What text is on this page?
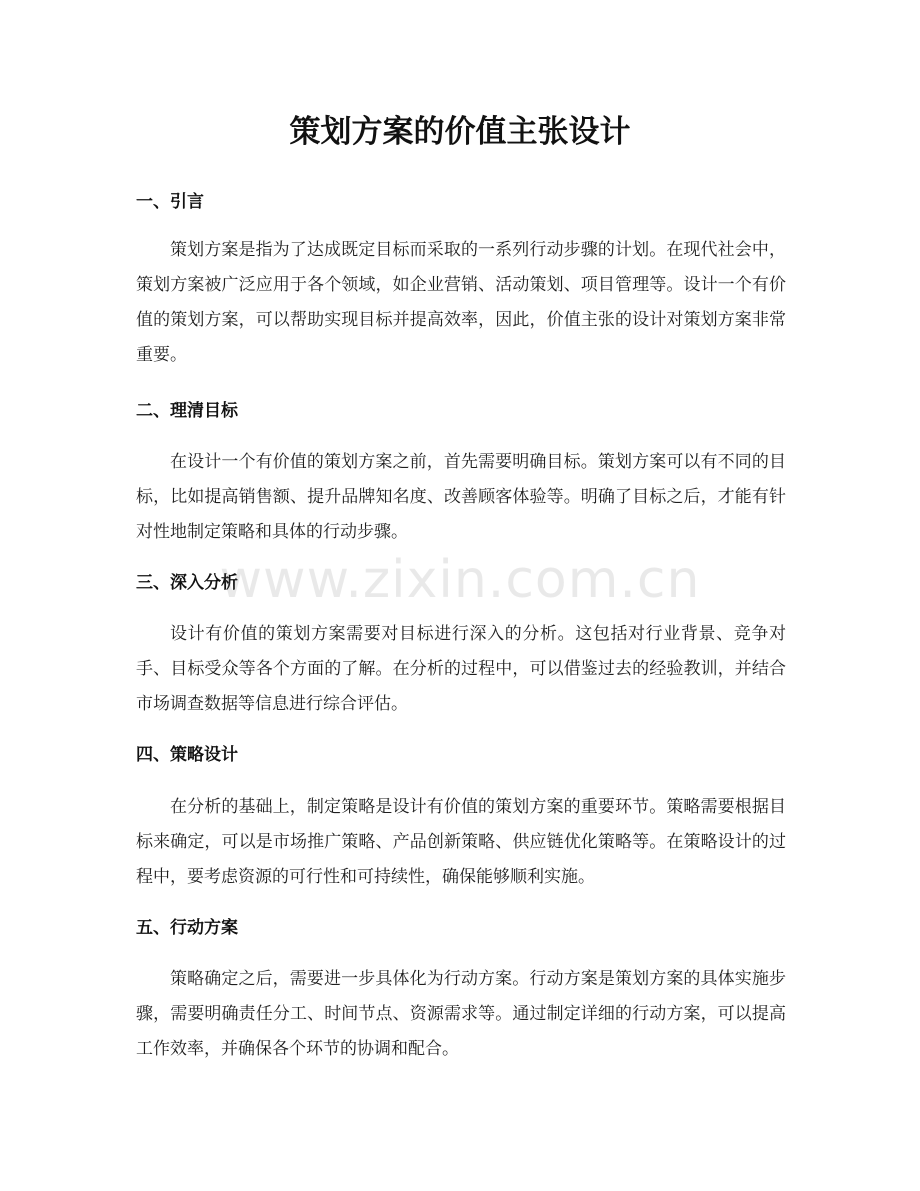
策划方案的价值主张设计
一、引言

策划方案是指为了达成既定目标而采取的一系列行动步骤的计划。在现代社会中，策划方案被广泛应用于各个领域，如企业营销、活动策划、项目管理等。设计一个有价值的策划方案，可以帮助实现目标并提高效率，因此，价值主张的设计对策划方案非常重要。

二、理清目标

在设计一个有价值的策划方案之前，首先需要明确目标。策划方案可以有不同的目标，比如提高销售额、提升品牌知名度、改善顾客体验等。明确了目标之后，才能有针对性地制定策略和具体的行动步骤。

三、深入分析

设计有价值的策划方案需要对目标进行深入的分析。这包括对行业背景、竞争对手、目标受众等各个方面的了解。在分析的过程中，可以借鉴过去的经验教训，并结合市场调查数据等信息进行综合评估。

四、策略设计

在分析的基础上，制定策略是设计有价值的策划方案的重要环节。策略需要根据目标来确定，可以是市场推广策略、产品创新策略、供应链优化策略等。在策略设计的过程中，要考虑资源的可行性和可持续性，确保能够顺利实施。

五、行动方案

策略确定之后，需要进一步具体化为行动方案。行动方案是策划方案的具体实施步骤，需要明确责任分工、时间节点、资源需求等。通过制定详细的行动方案，可以提高工作效率，并确保各个环节的协调和配合。

www.zixin.com.cn
